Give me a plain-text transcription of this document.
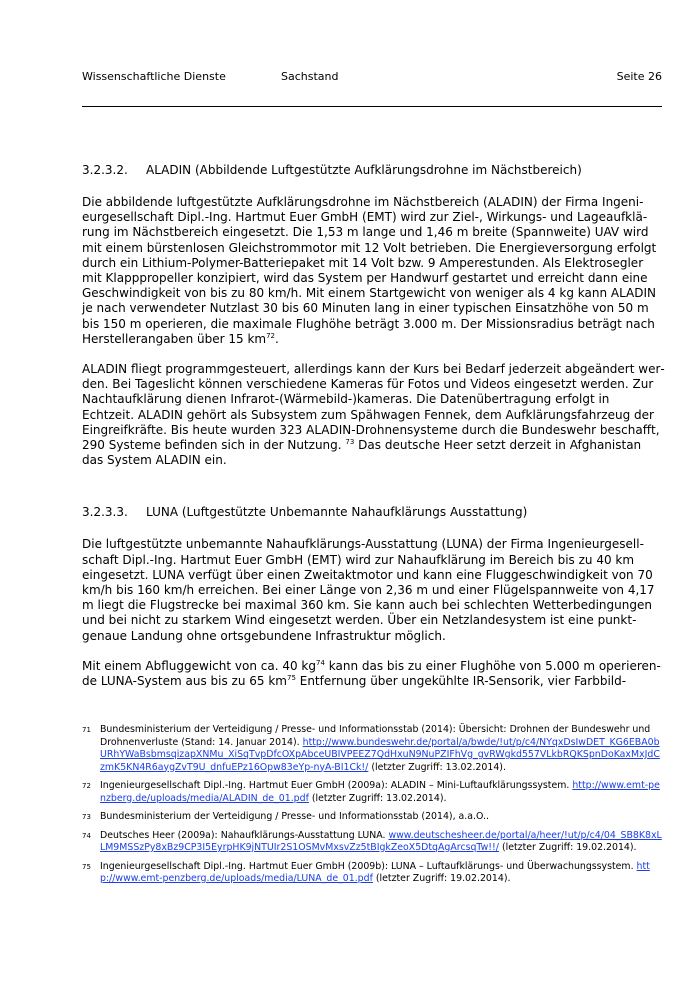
Wissenschaftliche Dienste	Sachstand	Seite 26
3.2.3.2.	ALADIN (Abbildende Luftgestützte Aufklärungsdrohne im Nächstbereich)

Die abbildende luftgestützte Aufklärungsdrohne im Nächstbereich (ALADIN) der Firma Ingenieurgesellschaft Dipl.-Ing. Hartmut Euer GmbH (EMT) wird zur Ziel-, Wirkungs- und Lageaufklärung im Nächstbereich eingesetzt. Die 1,53 m lange und 1,46 m breite (Spannweite) UAV wird mit einem bürstenlosen Gleichstrommotor mit 12 Volt betrieben. Die Energieversorgung erfolgt durch ein Lithium-Polymer-Batteriepaket mit 14 Volt bzw. 9 Amperestunden. Als Elektrosegler mit Klapppropeller konzipiert, wird das System per Handwurf gestartet und erreicht dann eine Geschwindigkeit von bis zu 80 km/h. Mit einem Startgewicht von weniger als 4 kg kann ALADIN je nach verwendeter Nutzlast 30 bis 60 Minuten lang in einer typischen Einsatzhöhe von 50 m bis 150 m operieren, die maximale Flughöhe beträgt 3.000 m. Der Missionsradius beträgt nach Herstellerangaben über 15 $km^{72}$.

ALADIN fliegt programmgesteuert, allerdings kann der Kurs bei Bedarf jederzeit abgeändert werden. Bei Tageslicht können verschiedene Kameras für Fotos und Videos eingesetzt werden. Zur Nachtaufklärung dienen Infrarot-(Wärmebild-)kameras. Die Datenübertragung erfolgt in Echtzeit. ALADIN gehört als Subsystem zum Spähwagen Fennek, dem Aufklärungsfahrzeug der Eingreifkräfte. Bis heute wurden 323 ALADIN-Drohnensysteme durch die Bundeswehr beschafft, 290 Systeme befinden sich in der Nutzung. $^{73}$ Das deutsche Heer setzt derzeit in Afghanistan das System ALADIN ein.

3.2.3.3.	LUNA (Luftgestützte Unbemannte Nahaufklärungs Ausstattung)

Die luftgestützte unbemannte Nahaufklärungs-Ausstattung (LUNA) der Firma Ingenieurgesellschaft Dipl.-Ing. Hartmut Euer GmbH (EMT) wird zur Nahaufklärung im Bereich bis zu 40 km eingesetzt. LUNA verfügt über einen Zweitaktmotor und kann eine Fluggeschwindigkeit von 70 km/h bis 160 km/h erreichen. Bei einer Länge von 2,36 m und einer Flügelspannweite von 4,17 m liegt die Flugstrecke bei maximal 360 km. Sie kann auch bei schlechten Wetterbedingungen und bei nicht zu starkem Wind eingesetzt werden. Über ein Netzlandesystem ist eine punktgenaue Landung ohne ortsgebundene Infrastruktur möglich.

Mit einem Abfluggewicht von ca. 40 $kg^{74}$ kann das bis zu einer Flughöhe von 5.000 m operierende LUNA-System aus bis zu 65 $km^{75}$ Entfernung über ungekühlte IR-Sensorik, vier Farbbild-

71 Bundesministerium der Verteidigung / Presse- und Informationsstab (2014): Übersicht: Drohnen der Bundeswehr und Drohnenverluste (Stand: 14. Januar 2014). http://www.bundeswehr.de/portal/a/bwde/!ut/p/c4/NYqxDsIwDET_KG6EBA0bURhYWaBsbmsqizapXNMu_XiSqTvpDfcOXpAbceUBIVPEEZ7QdHxuN9NuPZIFhVg_gvRWgkd557VLkbRQKSpnDoKaxMxJdCzmK5KN4R6aygZvT9U_dnfuEPz16Opw83eYp-nyA-BI1Ck!/ (letzter Zugriff: 13.02.2014).
72 Ingenieurgesellschaft Dipl.-Ing. Hartmut Euer GmbH (2009a): ALADIN – Mini-Luftaufklärungssystem. http://www.emt-penzberg.de/uploads/media/ALADIN_de_01.pdf (letzter Zugriff: 13.02.2014).
73 Bundesministerium der Verteidigung / Presse- und Informationsstab (2014), a.a.O..
74 Deutsches Heer (2009a): Nahaufklärungs-Ausstattung LUNA. www.deutschesheer.de/portal/a/heer/!ut/p/c4/04_SB8K8xLLM9MSSzPy8xBz9CP3I5EyrpHK9jNTUIr2S1OSMvMxsvZz5tBIgkZeoX5DtqAgArcsqTw!!/ (letzter Zugriff: 19.02.2014).
75 Ingenieurgesellschaft Dipl.-Ing. Hartmut Euer GmbH (2009b): LUNA – Luftaufklärungs- und Überwachungssystem. http://www.emt-penzberg.de/uploads/media/LUNA_de_01.pdf (letzter Zugriff: 19.02.2014).
